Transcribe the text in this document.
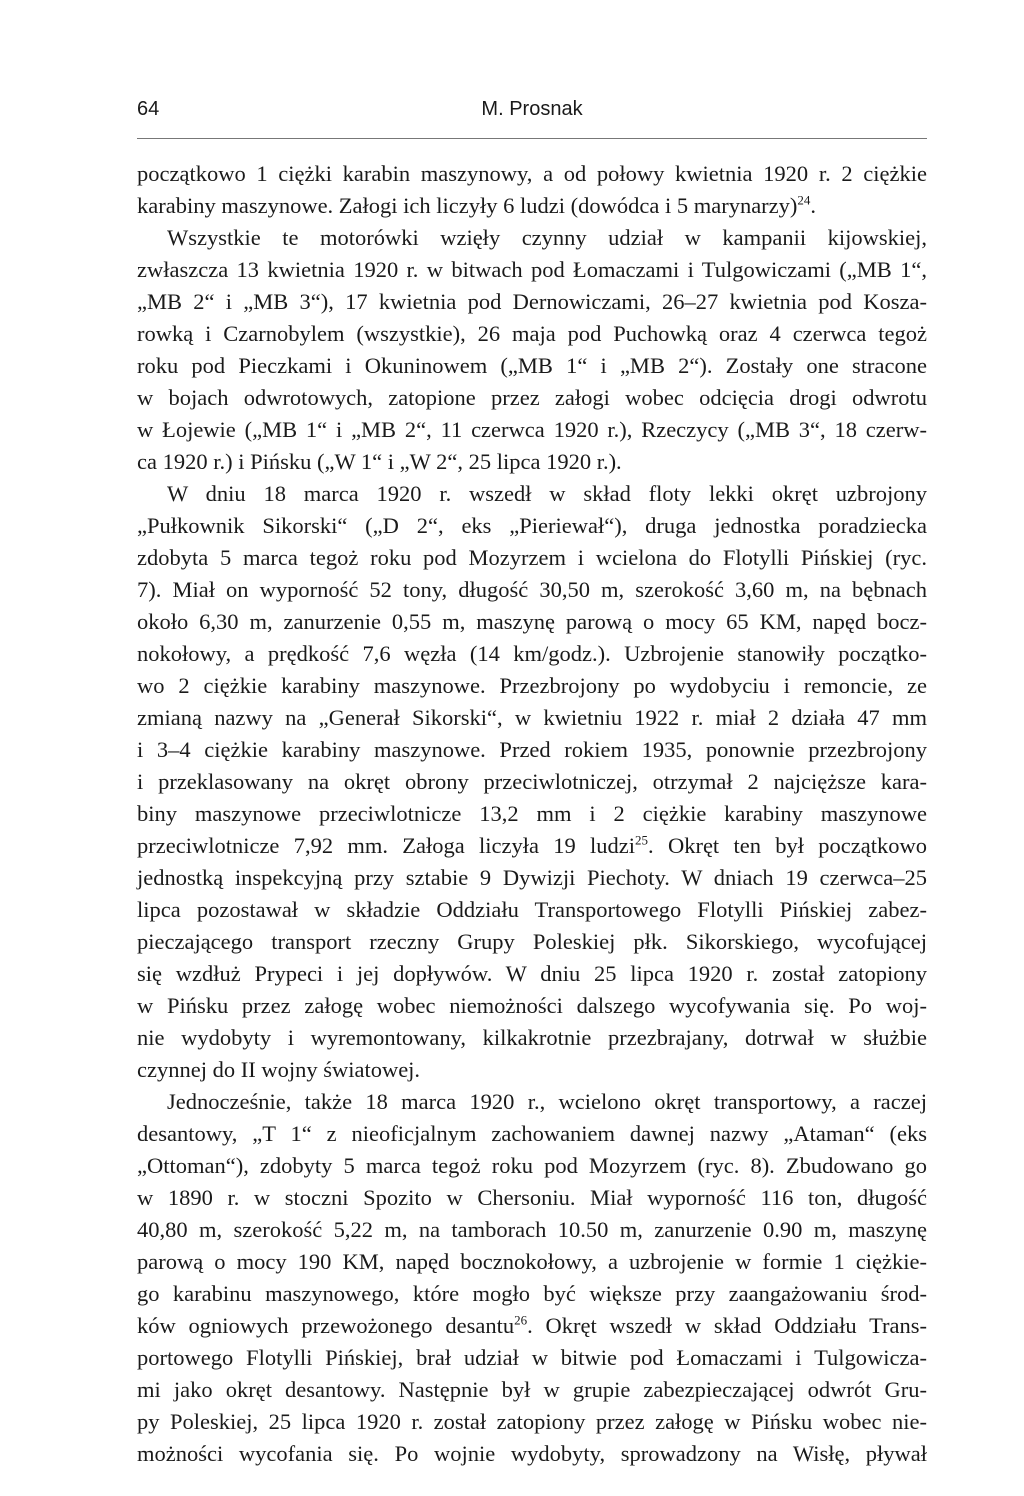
64	M. Prosnak
początkowo 1 ciężki karabin maszynowy, a od połowy kwietnia 1920 r. 2 ciężkie
karabiny maszynowe. Załogi ich liczyły 6 ludzi (dowódca i 5 marynarzy)$^{24}$.
Wszystkie te motorówki wzięły czynny udział w kampanii kijowskiej,
zwłaszcza 13 kwietnia 1920 r. w bitwach pod Łomaczami i Tulgowiczami („MB 1“,
„MB 2“ i „MB 3“), 17 kwietnia pod Dernowiczami, 26–27 kwietnia pod Kosza-
rowką i Czarnobylem (wszystkie), 26 maja pod Puchowką oraz 4 czerwca tegoż
roku pod Pieczkami i Okuninowem („MB 1“ i „MB 2“). Zostały one stracone
w bojach odwrotowych, zatopione przez załogi wobec odcięcia drogi odwrotu
w Łojewie („MB 1“ i „MB 2“, 11 czerwca 1920 r.), Rzeczycy („MB 3“, 18 czerw-
ca 1920 r.) i Pińsku („W 1“ i „W 2“, 25 lipca 1920 r.).
W dniu 18 marca 1920 r. wszedł w skład floty lekki okręt uzbrojony
„Pułkownik Sikorski“ („D 2“, eks „Pieriewał“), druga jednostka poradziecka
zdobyta 5 marca tegoż roku pod Mozyrzem i wcielona do Flotylli Pińskiej (ryc.
7). Miał on wyporność 52 tony, długość 30,50 m, szerokość 3,60 m, na bębnach
około 6,30 m, zanurzenie 0,55 m, maszynę parową o mocy 65 KM, napęd bocz-
nokołowy, a prędkość 7,6 węzła (14 km/godz.). Uzbrojenie stanowiły początko-
wo 2 ciężkie karabiny maszynowe. Przezbrojony po wydobyciu i remoncie, ze
zmianą nazwy na „Generał Sikorski“, w kwietniu 1922 r. miał 2 działa 47 mm
i 3–4 ciężkie karabiny maszynowe. Przed rokiem 1935, ponownie przezbrojony
i przeklasowany na okręt obrony przeciwlotniczej, otrzymał 2 najcięższe kara-
biny maszynowe przeciwlotnicze 13,2 mm i 2 ciężkie karabiny maszynowe
przeciwlotnicze 7,92 mm. Załoga liczyła 19 ludzi$^{25}$. Okręt ten był początkowo
jednostką inspekcyjną przy sztabie 9 Dywizji Piechoty. W dniach 19 czerwca–25
lipca pozostawał w składzie Oddziału Transportowego Flotylli Pińskiej zabez-
pieczającego transport rzeczny Grupy Poleskiej płk. Sikorskiego, wycofującej
się wzdłuż Prypeci i jej dopływów. W dniu 25 lipca 1920 r. został zatopiony
w Pińsku przez załogę wobec niemożności dalszego wycofywania się. Po woj-
nie wydobyty i wyremontowany, kilkakrotnie przezbrajany, dotrwał w służbie
czynnej do II wojny światowej.
Jednocześnie, także 18 marca 1920 r., wcielono okręt transportowy, a raczej
desantowy, „T 1“ z nieoficjalnym zachowaniem dawnej nazwy „Ataman“ (eks
„Ottoman“), zdobyty 5 marca tegoż roku pod Mozyrzem (ryc. 8). Zbudowano go
w 1890 r. w stoczni Spozito w Chersoniu. Miał wyporność 116 ton, długość
40,80 m, szerokość 5,22 m, na tamborach 10.50 m, zanurzenie 0.90 m, maszynę
parową o mocy 190 KM, napęd bocznokołowy, a uzbrojenie w formie 1 ciężkie-
go karabinu maszynowego, które mogło być większe przy zaangażowaniu środ-
ków ogniowych przewożonego desantu$^{26}$. Okręt wszedł w skład Oddziału Trans-
portowego Flotylli Pińskiej, brał udział w bitwie pod Łomaczami i Tulgowicza-
mi jako okręt desantowy. Następnie był w grupie zabezpieczającej odwrót Gru-
py Poleskiej, 25 lipca 1920 r. został zatopiony przez załogę w Pińsku wobec nie-
możności wycofania się. Po wojnie wydobyty, sprowadzony na Wisłę, pływał
